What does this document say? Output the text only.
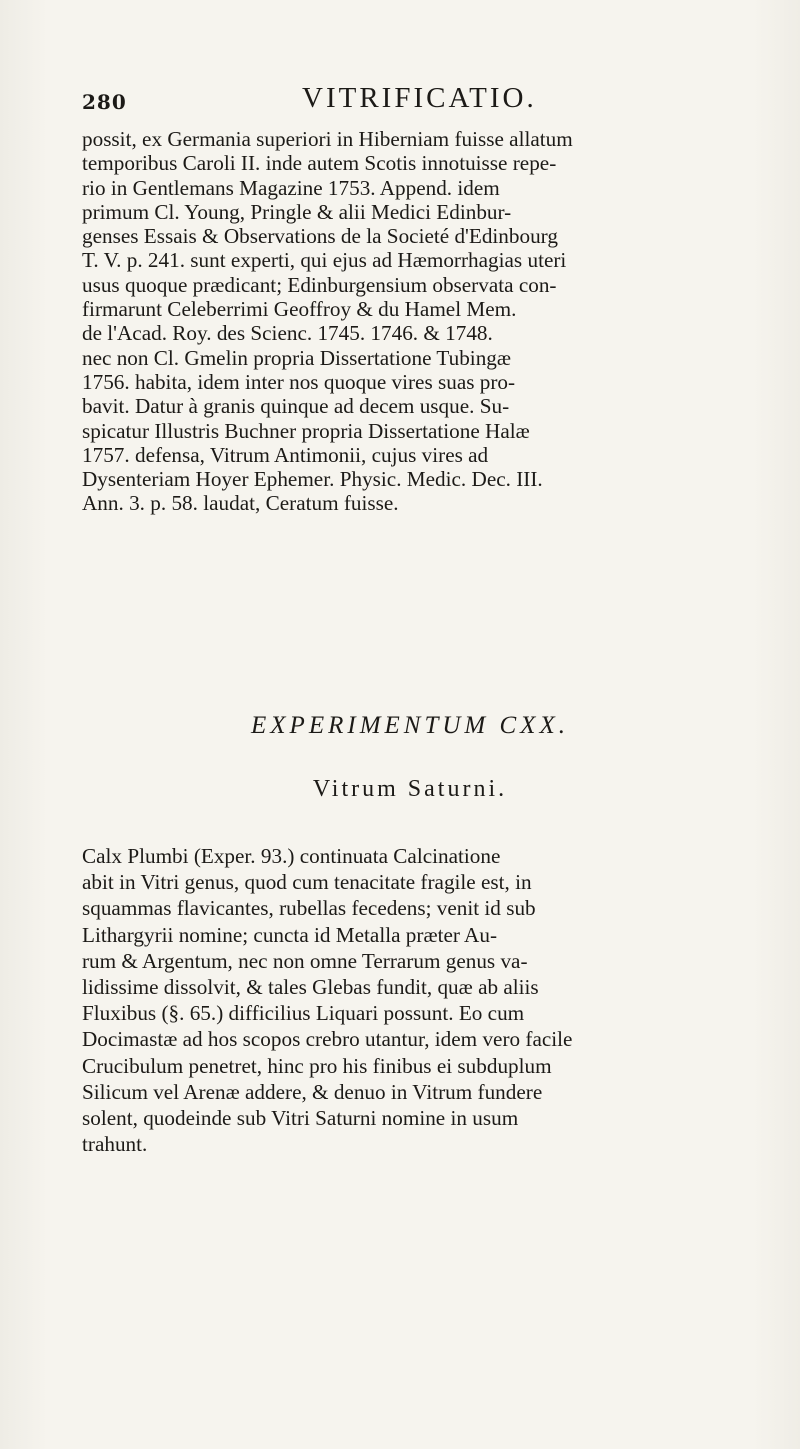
280	VITRIFICATIO.
possit, ex Germania superiori in Hiberniam fuisse allatum
temporibus Caroli II. inde autem Scotis innotuisse repe-
rio in Gentlemans Magazine 1753. Append. idem
primum Cl. Young, Pringle & alii Medici Edinbur-
genses Essais & Observations de la Societé d'Edinbourg
T. V. p. 241. sunt experti, qui ejus ad Hæmorrhagias uteri
usus quoque prædicant; Edinburgensium observata con-
firmarunt Celeberrimi Geoffroy & du Hamel Mem.
de l'Acad. Roy. des Scienc. 1745. 1746. & 1748.
nec non Cl. Gmelin propria Dissertatione Tubingæ
1756. habita, idem inter nos quoque vires suas pro-
bavit. Datur à granis quinque ad decem usque. Su-
spicatur Illustris Buchner propria Dissertatione Halæ
1757. defensa, Vitrum Antimonii, cujus vires ad
Dysenteriam Hoyer Ephemer. Physic. Medic. Dec. III.
Ann. 3. p. 58. laudat, Ceratum fuisse.
EXPERIMENTUM CXX.
Vitrum Saturni.
Calx Plumbi (Exper. 93.) continuata Calcinatione
abit in Vitri genus, quod cum tenacitate fragile est, in
squammas flavicantes, rubellas fecedens; venit id sub
Lithargyrii nomine; cuncta id Metalla præter Au-
rum & Argentum, nec non omne Terrarum genus va-
lidissime dissolvit, & tales Glebas fundit, quæ ab aliis
Fluxibus (§. 65.) difficilius Liquari possunt. Eo cum
Docimastæ ad hos scopos crebro utantur, idem vero facile
Crucibulum penetret, hinc pro his finibus ei subduplum
Silicum vel Arenæ addere, & denuo in Vitrum fundere
solent, quodeinde sub Vitri Saturni nomine in usum
trahunt.
